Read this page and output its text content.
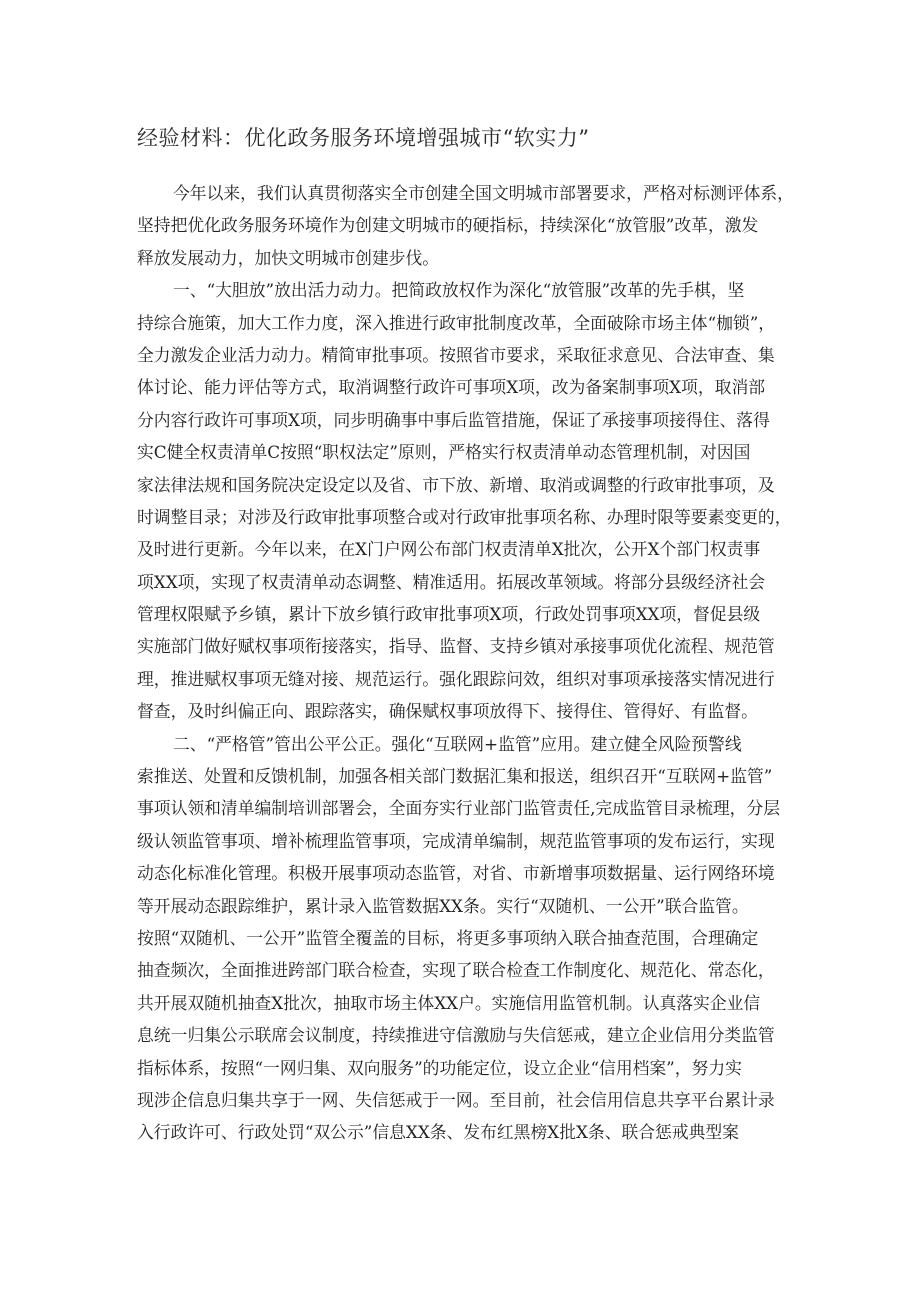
经验材料：优化政务服务环境增强城市“软实力”
今年以来，我们认真贯彻落实全市创建全国文明城市部署要求，严格对标测评体系，
坚持把优化政务服务环境作为创建文明城市的硬指标，持续深化“放管服”改革，激发
释放发展动力，加快文明城市创建步伐。
一、“大胆放”放出活力动力。把简政放权作为深化“放管服”改革的先手棋，坚
持综合施策，加大工作力度，深入推进行政审批制度改革，全面破除市场主体“枷锁”，
全力激发企业活力动力。精简审批事项。按照省市要求，采取征求意见、合法审查、集
体讨论、能力评估等方式，取消调整行政许可事项X项，改为备案制事项X项，取消部
分内容行政许可事项X项，同步明确事中事后监管措施，保证了承接事项接得住、落得
实C健全权责清单C按照“职权法定”原则，严格实行权责清单动态管理机制，对因国
家法律法规和国务院决定设定以及省、市下放、新增、取消或调整的行政审批事项，及
时调整目录；对涉及行政审批事项整合或对行政审批事项名称、办理时限等要素变更的，
及时进行更新。今年以来，在X门户网公布部门权责清单X批次，公开X个部门权责事
项XX项，实现了权责清单动态调整、精准适用。拓展改革领域。将部分县级经济社会
管理权限赋予乡镇，累计下放乡镇行政审批事项X项，行政处罚事项XX项，督促县级
实施部门做好赋权事项衔接落实，指导、监督、支持乡镇对承接事项优化流程、规范管
理，推进赋权事项无缝对接、规范运行。强化跟踪问效，组织对事项承接落实情况进行
督查，及时纠偏正向、跟踪落实，确保赋权事项放得下、接得住、管得好、有监督。
二、“严格管”管出公平公正。强化“互联网+监管”应用。建立健全风险预警线
索推送、处置和反馈机制，加强各相关部门数据汇集和报送，组织召开“互联网+监管”
事项认领和清单编制培训部署会，全面夯实行业部门监管责任,完成监管目录梳理，分层
级认领监管事项、增补梳理监管事项，完成清单编制，规范监管事项的发布运行，实现
动态化标准化管理。积极开展事项动态监管，对省、市新增事项数据量、运行网络环境
等开展动态跟踪维护，累计录入监管数据XX条。实行“双随机、一公开”联合监管。
按照“双随机、一公开”监管全覆盖的目标，将更多事项纳入联合抽查范围，合理确定
抽查频次，全面推进跨部门联合检查，实现了联合检查工作制度化、规范化、常态化，
共开展双随机抽查X批次，抽取市场主体XX户。实施信用监管机制。认真落实企业信
息统一归集公示联席会议制度，持续推进守信激励与失信惩戒，建立企业信用分类监管
指标体系，按照“一网归集、双向服务”的功能定位，设立企业“信用档案”，努力实
现涉企信息归集共享于一网、失信惩戒于一网。至目前，社会信用信息共享平台累计录
入行政许可、行政处罚“双公示”信息XX条、发布红黑榜X批X条、联合惩戒典型案
